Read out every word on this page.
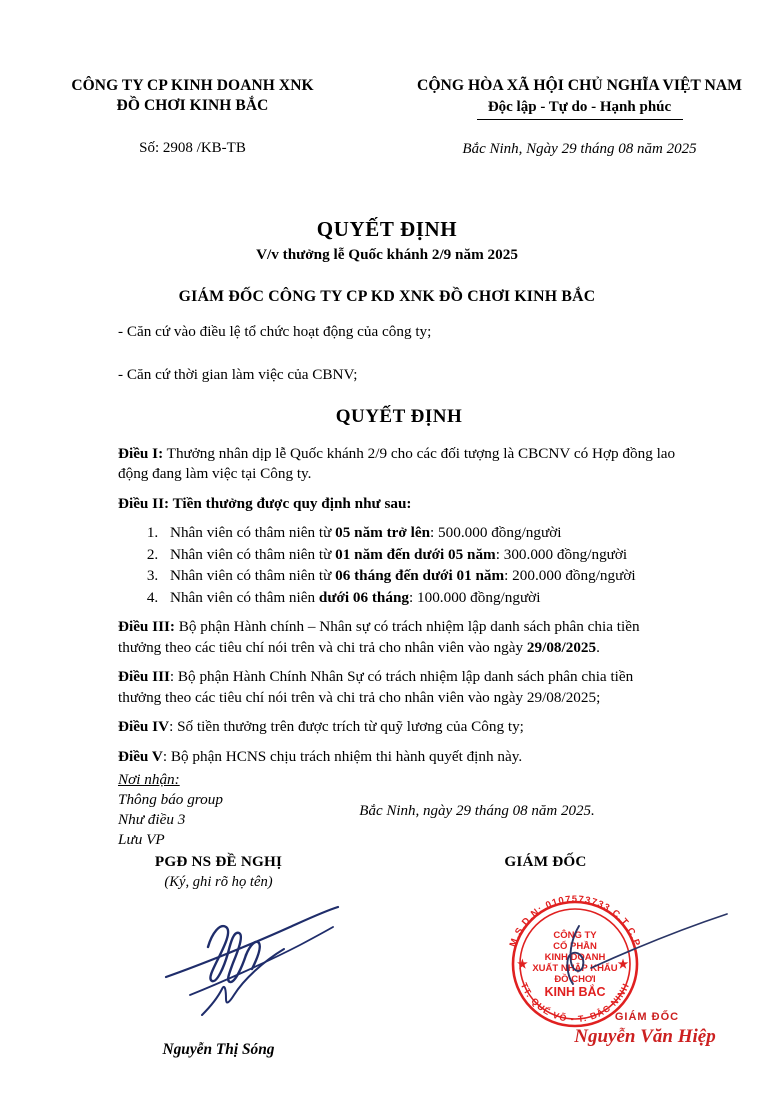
CÔNG TY CP KINH DOANH XNK
ĐỒ CHƠI KINH BẮC
Số: 2908 /KB-TB
CỘNG HÒA XÃ HỘI CHỦ NGHĨA VIỆT NAM
Độc lập - Tự do - Hạnh phúc
Bắc Ninh, Ngày 29 tháng 08 năm 2025
QUYẾT ĐỊNH
V/v thưởng lễ Quốc khánh 2/9 năm 2025
GIÁM ĐỐC CÔNG TY CP KD XNK ĐỒ CHƠI KINH BẮC
- Căn cứ vào điều lệ tổ chức hoạt động của công ty;
- Căn cứ thời gian làm việc của CBNV;
QUYẾT ĐỊNH
Điều I: Thưởng nhân dịp lễ Quốc khánh 2/9 cho các đối tượng là CBCNV có Hợp đồng lao động đang làm việc tại Công ty.
Điều II: Tiền thưởng được quy định như sau:
1. Nhân viên có thâm niên từ 05 năm trở lên: 500.000 đồng/người
2. Nhân viên có thâm niên từ 01 năm đến dưới 05 năm: 300.000 đồng/người
3. Nhân viên có thâm niên từ 06 tháng đến dưới 01 năm: 200.000 đồng/người
4. Nhân viên có thâm niên dưới 06 tháng: 100.000 đồng/người
Điều III: Bộ phận Hành chính – Nhân sự có trách nhiệm lập danh sách phân chia tiền thưởng theo các tiêu chí nói trên và chi trả cho nhân viên vào ngày 29/08/2025.
Điều III: Bộ phận Hành Chính Nhân Sự có trách nhiệm lập danh sách phân chia tiền thưởng theo các tiêu chí nói trên và chi trả cho nhân viên vào ngày 29/08/2025;
Điều IV: Số tiền thưởng trên được trích từ quỹ lương của Công ty;
Điều V: Bộ phận HCNS chịu trách nhiệm thi hành quyết định này.
Nơi nhận:
Thông báo group
Như điều 3
Lưu VP
Bắc Ninh, ngày 29 tháng 08 năm 2025.
PGĐ NS ĐỀ NGHỊ
(Ký, ghi rõ họ tên)
GIÁM ĐỐC
M.S.D.N: 0107573733 C.T C.P
TT. QUẾ VÕ - T. BẮC NINH
★	★
CÔNG TY
CỔ PHẦN
KINH DOANH
XUẤT NHẬP KHẨU
ĐỒ CHƠI
KINH BẮC
GIÁM ĐỐC
Nguyễn Văn Hiệp
Nguyễn Thị Sóng
